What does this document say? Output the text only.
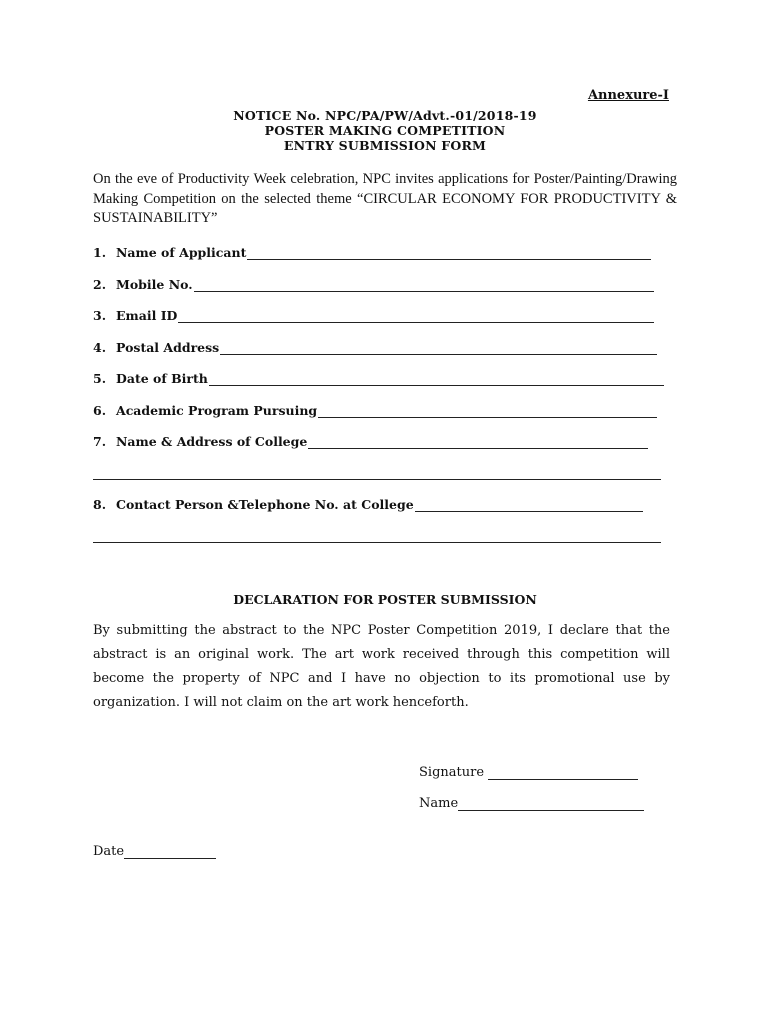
Annexure-I
NOTICE No. NPC/PA/PW/Advt.-01/2018-19
POSTER MAKING COMPETITION
ENTRY SUBMISSION FORM
On the eve of Productivity Week celebration, NPC invites applications for Poster/Painting/Drawing Making Competition on the selected theme “CIRCULAR ECONOMY FOR PRODUCTIVITY & SUSTAINABILITY”
1. Name of Applicant
2. Mobile No.
3. Email ID
4. Postal Address
5. Date of Birth
6. Academic Program Pursuing
7. Name & Address of College
8. Contact Person &Telephone No. at College
DECLARATION FOR POSTER SUBMISSION
By submitting the abstract to the NPC Poster Competition 2019, I declare that the abstract is an original work. The art work received through this competition will become the property of NPC and I have no objection to its promotional use by organization. I will not claim on the art work henceforth.
Signature
Name
Date
